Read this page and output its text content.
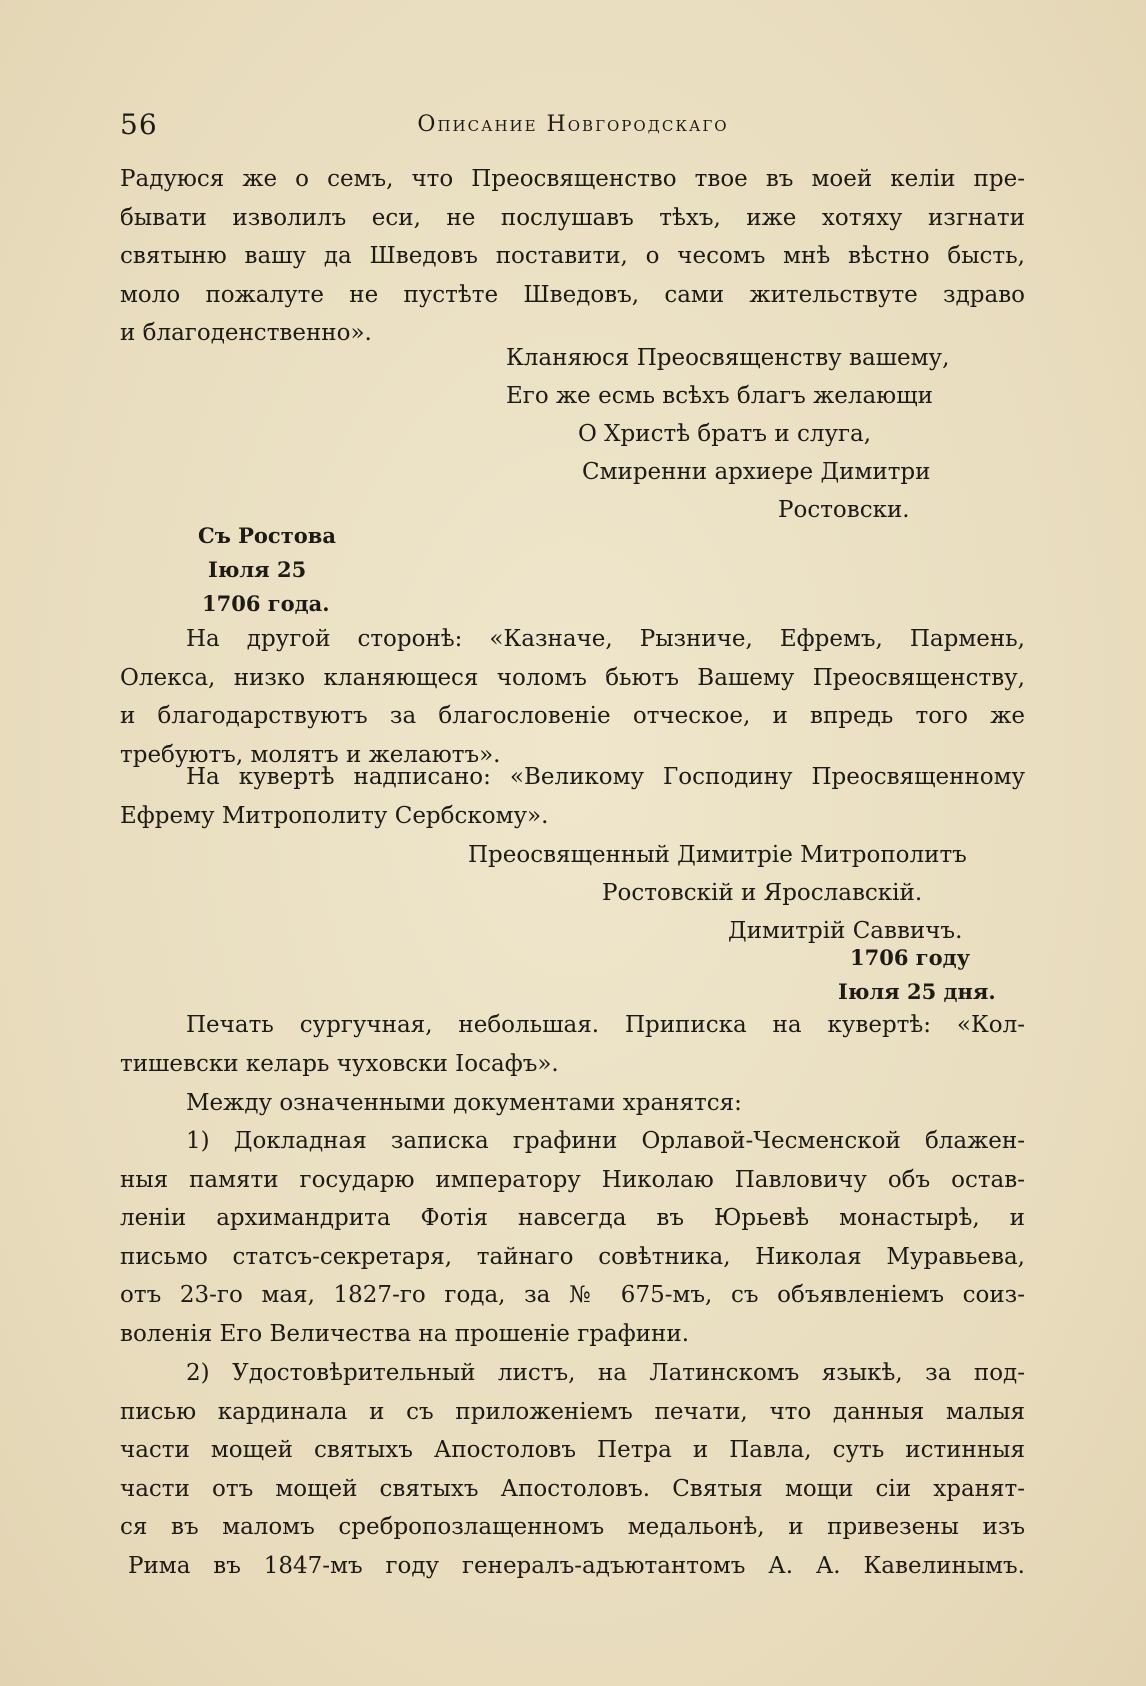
56	Описание Новгородскаго
Радуюся же о семъ, что Преосвященство твое въ моей келіи пре-
бывати изволилъ еси, не послушавъ тѣхъ, иже хотяху изгнати
святыню вашу да Шведовъ поставити, о чесомъ мнѣ вѣстно бысть,
моло пожалуте не пустѣте Шведовъ, сами жительствуте здраво
и благоденственно».
Кланяюся Преосвященству вашему,
Его же есмь всѣхъ благъ желающи
О Христѣ братъ и слуга,
Смиренни архиере Димитри
Ростовски.
Съ Ростова
Іюля 25
1706 года.
На другой сторонѣ: «Казначе, Рызниче, Ефремъ, Пармень,
Олекса, низко кланяющеся чоломъ бьютъ Вашему Преосвященству,
и благодарствуютъ за благословеніе отческое, и впредь того же
требуютъ, молятъ и желаютъ».
На кувертѣ надписано: «Великому Господину Преосвященному
Ефрему Митрополиту Сербскому».
Преосвященный Димитріе Митрополитъ
Ростовскій и Ярославскій.
Димитрій Саввичъ.
1706 году
Іюля 25 дня.
Печать сургучная, небольшая. Приписка на кувертѣ: «Кол-
тишевски келарь чуховски Іосафъ».
Между означенными документами хранятся:
1) Докладная записка графини Орлавой-Чесменской блажен-
ныя памяти государю императору Николаю Павловичу объ остав-
леніи архимандрита Фотія навсегда въ Юрьевѣ монастырѣ, и
письмо статсъ-секретаря, тайнаго совѣтника, Николая Муравьева,
отъ 23-го мая, 1827-го года, за № 675-мъ, съ объявленіемъ соиз-
воленія Его Величества на прошеніе графини.
2) Удостовѣрительный листъ, на Латинскомъ языкѣ, за под-
писью кардинала и съ приложеніемъ печати, что данныя малыя
части мощей святыхъ Апостоловъ Петра и Павла, суть истинныя
части отъ мощей святыхъ Апостоловъ. Святыя мощи сіи хранят-
ся въ маломъ сребропозлащенномъ медальонѣ, и привезены изъ
Рима въ 1847-мъ году генералъ-адъютантомъ А. А. Кавелинымъ.
